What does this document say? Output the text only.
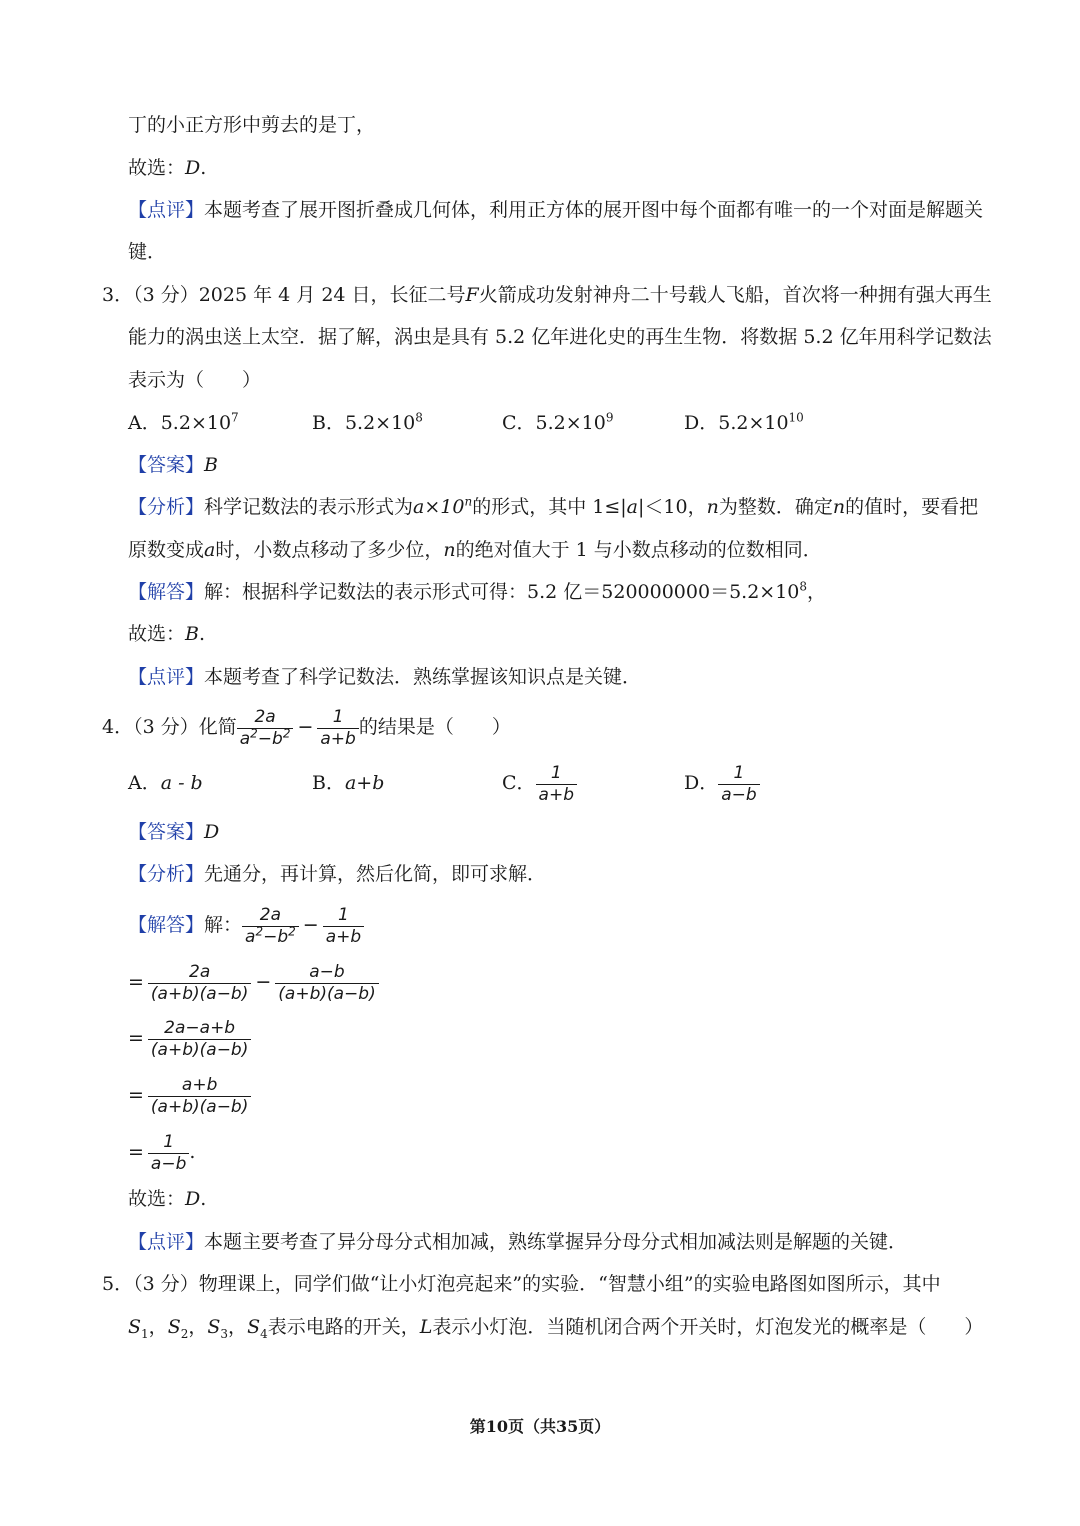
丁的小正方形中剪去的是丁，
故选：D.
【点评】本题考查了展开图折叠成几何体，利用正方体的展开图中每个面都有唯一的一个对面是解题关
键．
3．（3 分）2025 年 4 月 24 日，长征二号F火箭成功发射神舟二十号载人飞船，首次将一种拥有强大再生
能力的涡虫送上太空．据了解，涡虫是具有 5.2 亿年进化史的再生生物．将数据 5.2 亿年用科学记数法
表示为（　　）
A．$5.2\times 10^7$	B．$5.2\times 10^8$	C．$5.2\times 10^9$	D．$5.2\times 10^{10}$
【答案】B
【分析】科学记数法的表示形式为$a\times 10^n$的形式，其中 1≤|a|＜10，n为整数．确定n的值时，要看把
原数变成a时，小数点移动了多少位，n的绝对值大于 1 与小数点移动的位数相同．
【解答】解：根据科学记数法的表示形式可得：5.2 亿$=520000000=5.2\times 10^8$，
故选：B.
【点评】本题考查了科学记数法．熟练掌握该知识点是关键．
4．（3 分）化简 $\frac{2a}{a^2-b^2} - \frac{1}{a+b}$ 的结果是（　　）
A．a - b	B．a+b	C． $\frac{1}{a+b}$	D． $\frac{1}{a-b}$
【答案】D
【分析】先通分，再计算，然后化简，即可求解．
【解答】解： $\frac{2a}{a^2-b^2} - \frac{1}{a+b}$
= $\frac{2a}{(a+b)(a-b)} - \frac{a-b}{(a+b)(a-b)}$
= $\frac{2a-a+b}{(a+b)(a-b)}$
= $\frac{a+b}{(a+b)(a-b)}$
= $\frac{1}{a-b}$ .
故选：D.
【点评】本题主要考查了异分母分式相加减，熟练掌握异分母分式相加减法则是解题的关键．
5．（3 分）物理课上，同学们做“让小灯泡亮起来”的实验．“智慧小组”的实验电路图如图所示，其中
$S_1$，$S_2$，$S_3$，$S_4$表示电路的开关，L表示小灯泡．当随机闭合两个开关时，灯泡发光的概率是（　　）
第10页（共35页）
